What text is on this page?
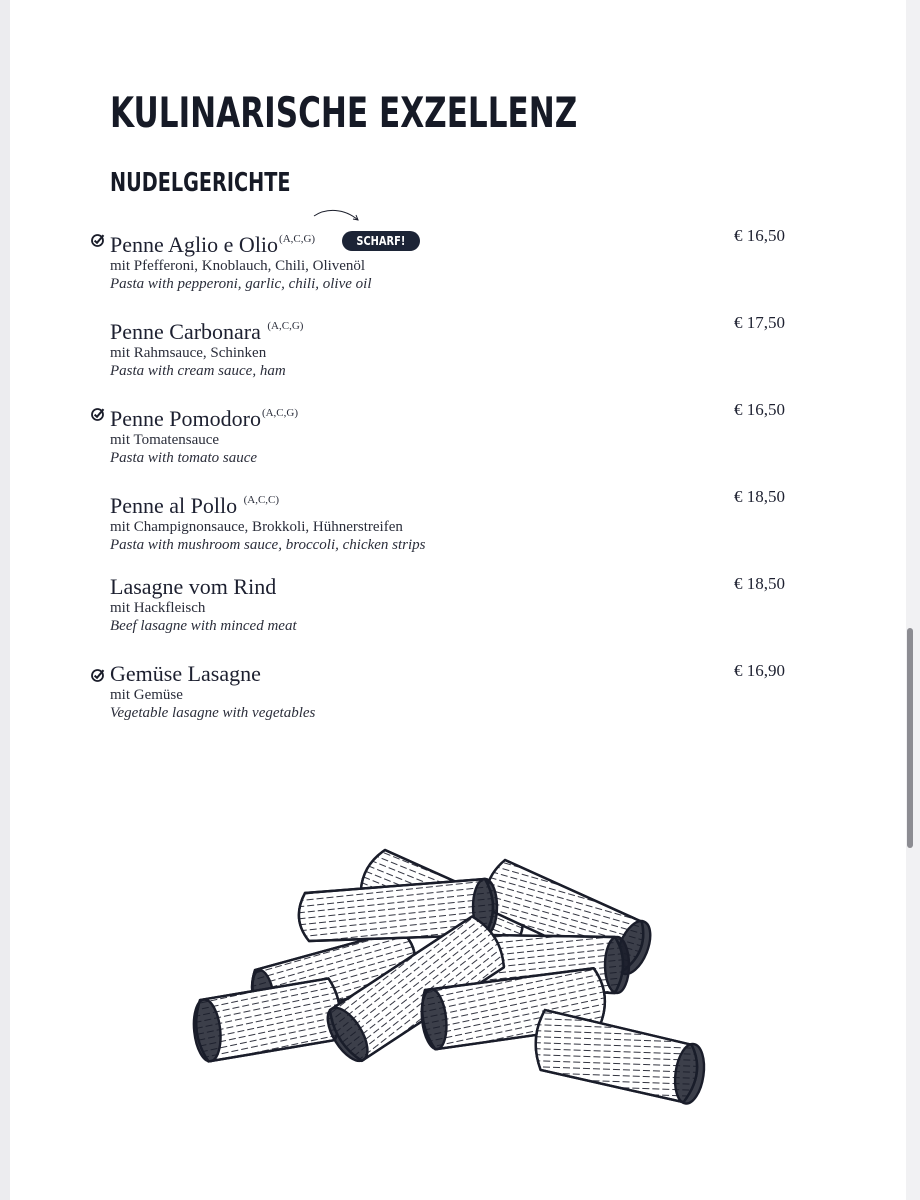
KULINARISCHE EXZELLENZ
NUDELGERICHTE
Penne Aglio e Olio$^{(A,C,G)}$
mit Pfefferoni, Knoblauch, Chili, Olivenöl
Pasta with pepperoni, garlic, chili, olive oil
€ 16,50
SCHARF!
Penne Carbonara $^{(A,C,G)}$
mit Rahmsauce, Schinken
Pasta with cream sauce, ham
€ 17,50
Penne Pomodoro$^{(A,C,G)}$
mit Tomatensauce
Pasta with tomato sauce
€ 16,50
Penne al Pollo $^{(A,C,C)}$
mit Champignonsauce, Brokkoli, Hühnerstreifen
Pasta with mushroom sauce, broccoli, chicken strips
€ 18,50
Lasagne vom Rind
mit Hackfleisch
Beef lasagne with minced meat
€ 18,50
Gemüse Lasagne
mit Gemüse
Vegetable lasagne with vegetables
€ 16,90
